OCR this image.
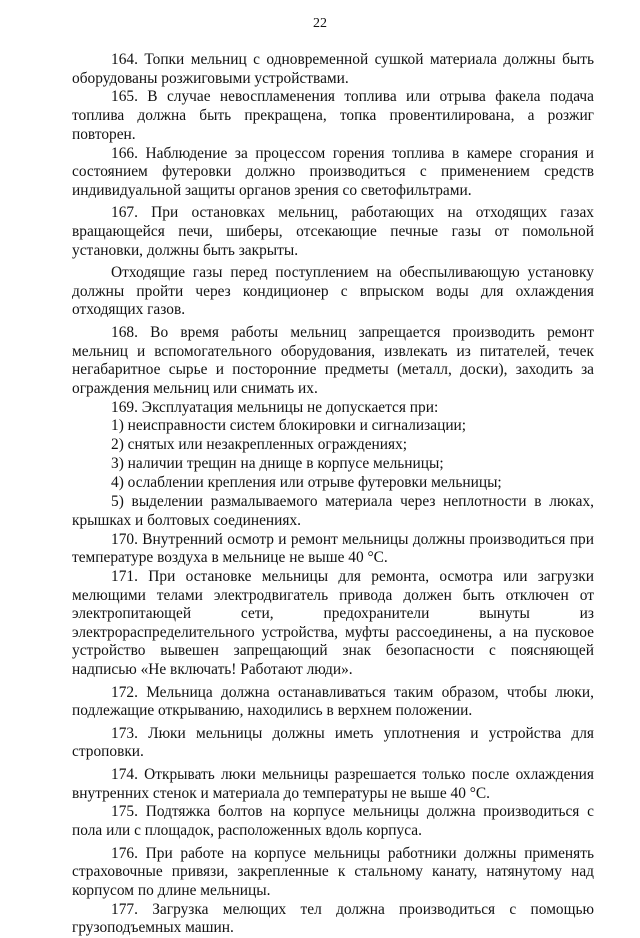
22

164. Топки мельниц с одновременной сушкой материала должны быть оборудованы розжиговыми устройствами.

165. В случае невоспламенения топлива или отрыва факела подача топлива должна быть прекращена, топка провентилирована, а розжиг повторен.

166. Наблюдение за процессом горения топлива в камере сгорания и состоянием футеровки должно производиться с применением средств индивидуальной защиты органов зрения со светофильтрами.

167. При остановках мельниц, работающих на отходящих газах вращающейся печи, шиберы, отсекающие печные газы от помольной установки, должны быть закрыты.

Отходящие газы перед поступлением на обеспыливающую установку должны пройти через кондиционер с впрыском воды для охлаждения отходящих газов.

168. Во время работы мельниц запрещается производить ремонт мельниц и вспомогательного оборудования, извлекать из питателей, течек негабаритное сырье и посторонние предметы (металл, доски), заходить за ограждения мельниц или снимать их.

169. Эксплуатация мельницы не допускается при:

1) неисправности систем блокировки и сигнализации;

2) снятых или незакрепленных ограждениях;

3) наличии трещин на днище в корпусе мельницы;

4) ослаблении крепления или отрыве футеровки мельницы;

5) выделении размалываемого материала через неплотности в люках, крышках и болтовых соединениях.

170. Внутренний осмотр и ремонт мельницы должны производиться при температуре воздуха в мельнице не выше 40 °С.

171. При остановке мельницы для ремонта, осмотра или загрузки мелющими телами электродвигатель привода должен быть отключен от электропитающей сети, предохранители вынуты из электрораспределительного устройства, муфты рассоединены, а на пусковое устройство вывешен запрещающий знак безопасности с поясняющей надписью «Не включать! Работают люди».

172. Мельница должна останавливаться таким образом, чтобы люки, подлежащие открыванию, находились в верхнем положении.

173. Люки мельницы должны иметь уплотнения и устройства для строповки.

174. Открывать люки мельницы разрешается только после охлаждения внутренних стенок и материала до температуры не выше 40 °С.

175. Подтяжка болтов на корпусе мельницы должна производиться с пола или с площадок, расположенных вдоль корпуса.

176. При работе на корпусе мельницы работники должны применять страховочные привязи, закрепленные к стальному канату, натянутому над корпусом по длине мельницы.

177. Загрузка мелющих тел должна производиться с помощью грузоподъемных машин.
